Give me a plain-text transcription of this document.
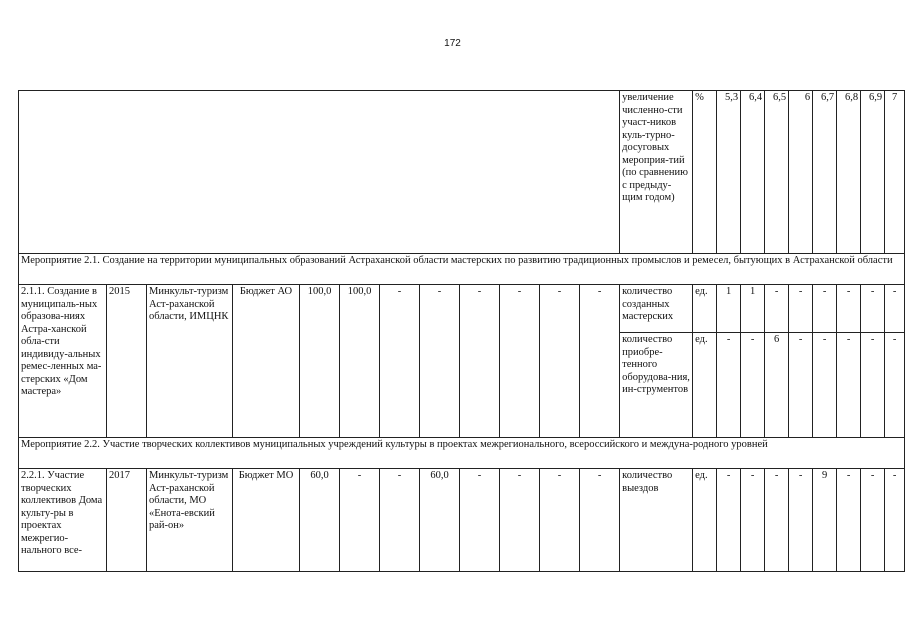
172
												увеличение численно-сти участ-ников куль-турно-досуговых мероприя-тий (по сравнению с предыду-щим годом)	%	5,3	6,4	6,5	6	6,7	6,8	6,9	7
Мероприятие 2.1. Создание на территории муниципальных образований Астраханской области мастерских по развитию традиционных промыслов и ремесел, бытующих в Астраханской области																					
2.1.1. Создание в муниципаль-ных образова-ниях Астра-ханской обла-сти индивиду-альных ремес-ленных ма-стерских «Дом мастера»	2015	Минкульт-туризм Аст-раханской области, ИМЦНК	Бюджет АО	100,0	100,0	-	-	-	-	-	-	количество созданных мастерских	ед.	1	1	-	-	-	-	-	-
												количество приобре-тенного оборудова-ния, ин-струментов	ед.	-	-	6	-	-	-	-	-
Мероприятие 2.2. Участие творческих коллективов муниципальных учреждений культуры в проектах межрегионального, всероссийского и междуна-родного уровней																					
2.2.1. Участие творческих коллективов Дома культу-ры в проектах межрегио-нального все-	2017	Минкульт-туризм Аст-раханской области, МО «Енота-евский рай-он»	Бюджет МО	60,0	-	-	60,0	-	-	-	-	количество выездов	ед.	-	-	-	-	9	-	-	-
